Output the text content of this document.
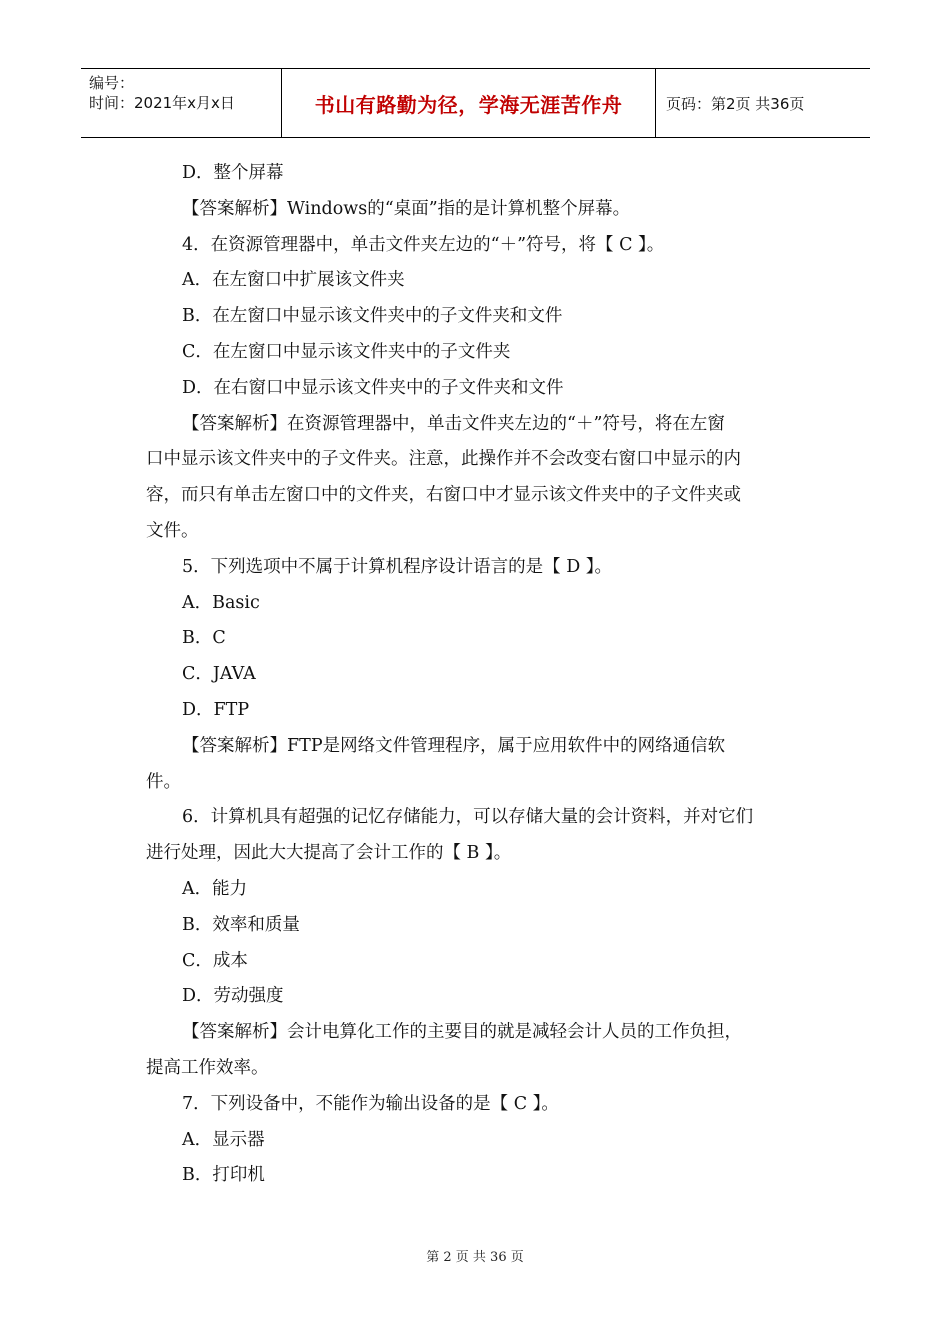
编号：
时间：2021年x月x日	书山有路勤为径，学海无涯苦作舟	页码：第2页 共36页
D．整个屏幕
【答案解析】Windows的“桌面”指的是计算机整个屏幕。
4．在资源管理器中，单击文件夹左边的“＋”符号，将【 C 】。
A．在左窗口中扩展该文件夹
B．在左窗口中显示该文件夹中的子文件夹和文件
C．在左窗口中显示该文件夹中的子文件夹
D．在右窗口中显示该文件夹中的子文件夹和文件
【答案解析】在资源管理器中，单击文件夹左边的“＋”符号，将在左窗
口中显示该文件夹中的子文件夹。注意，此操作并不会改变右窗口中显示的内
容，而只有单击左窗口中的文件夹，右窗口中才显示该文件夹中的子文件夹或
文件。
5．下列选项中不属于计算机程序设计语言的是【 D 】。
A．Basic
B．C
C．JAVA
D．FTP
【答案解析】FTP是网络文件管理程序，属于应用软件中的网络通信软
件。
6．计算机具有超强的记忆存储能力，可以存储大量的会计资料，并对它们
进行处理，因此大大提高了会计工作的【 B 】。
A．能力
B．效率和质量
C．成本
D．劳动强度
【答案解析】会计电算化工作的主要目的就是减轻会计人员的工作负担，
提高工作效率。
7．下列设备中，不能作为输出设备的是【 C 】。
A．显示器
B．打印机
第 2 页 共 36 页
